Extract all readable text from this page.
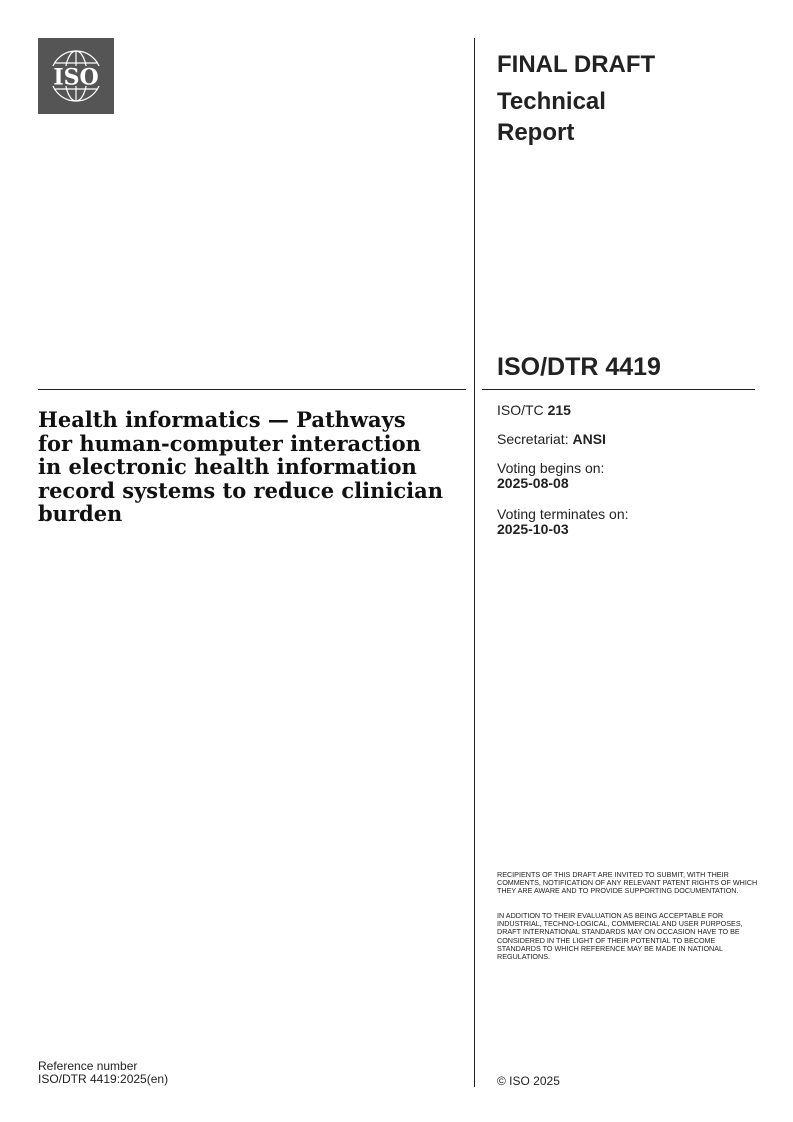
ISO	FINAL DRAFT
Technical
Report
ISO/DTR 4419
Health informatics — Pathways
for human-computer interaction
in electronic health information
record systems to reduce clinician
burden
ISO/TC 215
Secretariat: ANSI
Voting begins on:
2025-08-08
Voting terminates on:
2025-10-03
RECIPIENTS OF THIS DRAFT ARE INVITED TO SUBMIT, WITH THEIR COMMENTS, NOTIFICATION OF ANY RELEVANT PATENT RIGHTS OF WHICH THEY ARE AWARE AND TO PROVIDE SUPPORTING DOCUMENTATION.
IN ADDITION TO THEIR EVALUATION AS BEING ACCEPTABLE FOR INDUSTRIAL, TECHNO-LOGICAL, COMMERCIAL AND USER PURPOSES, DRAFT INTERNATIONAL STANDARDS MAY ON OCCASION HAVE TO BE CONSIDERED IN THE LIGHT OF THEIR POTENTIAL TO BECOME STANDARDS TO WHICH REFERENCE MAY BE MADE IN NATIONAL REGULATIONS.
Reference number
ISO/DTR 4419:2025(en)	© ISO 2025
